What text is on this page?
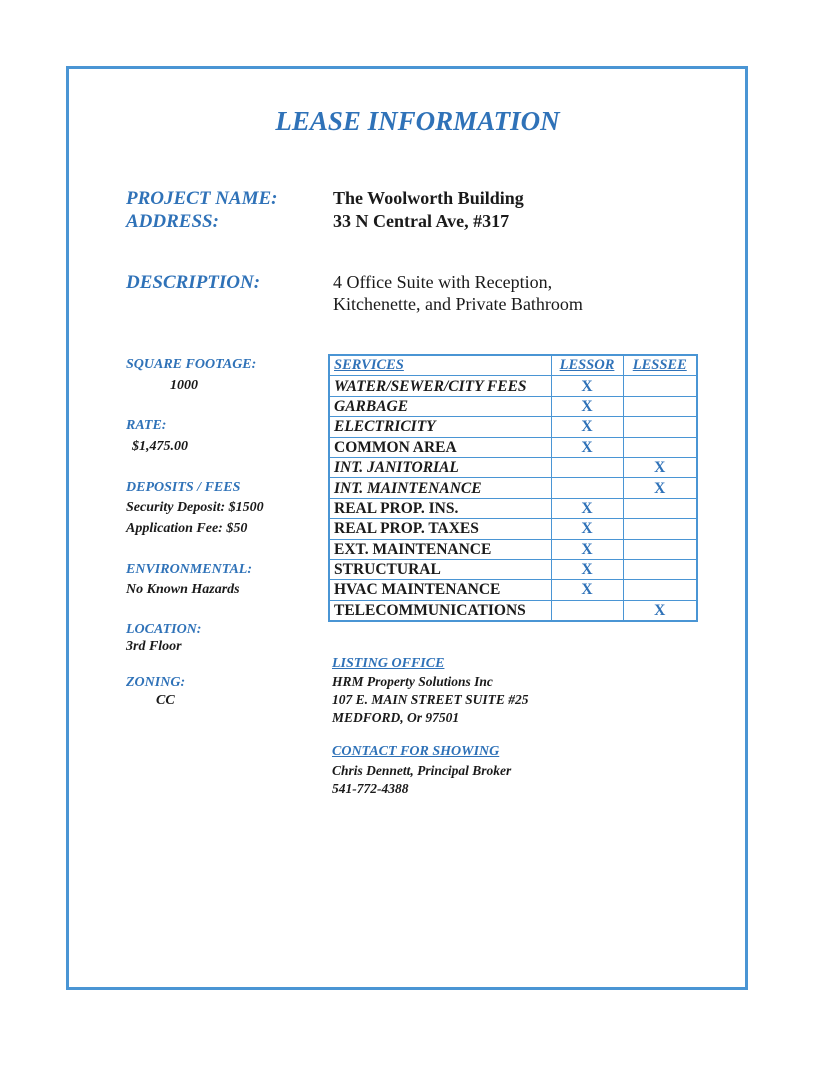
LEASE INFORMATION
PROJECT NAME:	The Woolworth Building
ADDRESS:	33 N Central Ave, #317
DESCRIPTION:	4 Office Suite with Reception,
Kitchenette, and Private Bathroom
SQUARE FOOTAGE:
1000
RATE:
$1,475.00
DEPOSITS / FEES
Security Deposit: $1500
Application Fee: $50
ENVIRONMENTAL:
No Known Hazards
LOCATION:
3rd Floor
ZONING:
CC
SERVICES	LESSOR	LESSEE
WATER/SEWER/CITY FEES	X	
GARBAGE	X	
ELECTRICITY	X	
COMMON AREA	X	
INT. JANITORIAL		X
INT. MAINTENANCE		X
REAL PROP. INS.	X	
REAL PROP. TAXES	X	
EXT. MAINTENANCE	X	
STRUCTURAL	X	
HVAC MAINTENANCE	X	
TELECOMMUNICATIONS		X
LISTING OFFICE
HRM Property Solutions Inc
107 E. MAIN STREET SUITE #25
MEDFORD, Or 97501
CONTACT FOR SHOWING
Chris Dennett, Principal Broker
541-772-4388
